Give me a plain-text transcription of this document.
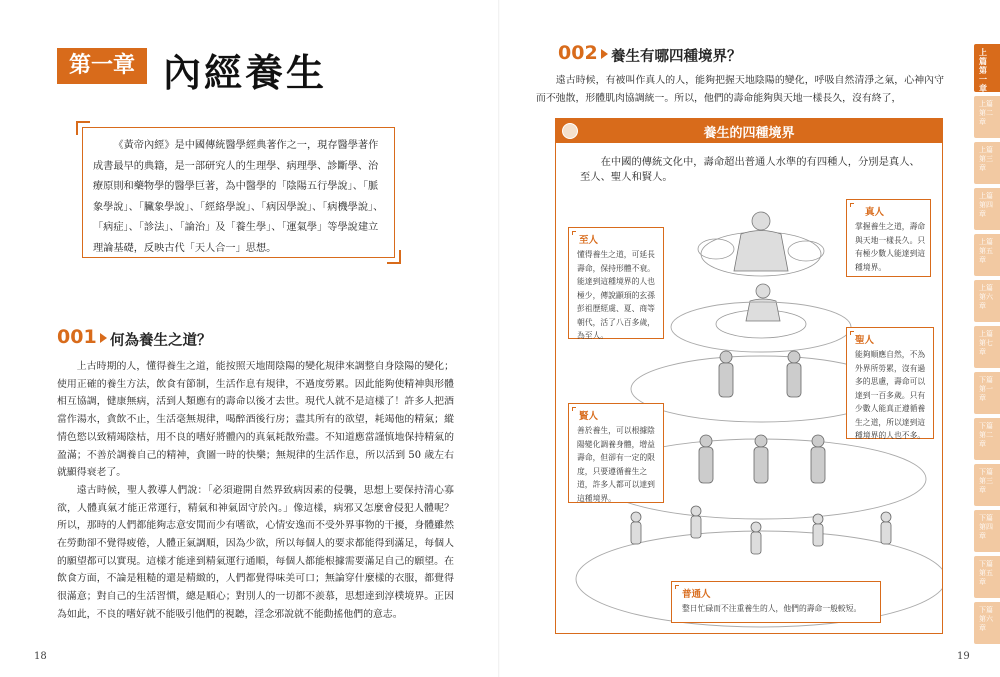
第一章 內經養生

《黃帝內經》是中國傳統醫學經典著作之一，現存醫學著作成書最早的典籍，是一部研究人的生理學、病理學、診斷學、治療原則和藥物學的醫學巨著，為中醫學的「陰陽五行學說」、「脈象學說」、「臟象學說」、「經絡學說」、「病因學說」、「病機學說」、「病症」、「診法」、「論治」及「養生學」、「運氣學」等學說建立理論基礎，反映古代「天人合一」思想。

001 何為養生之道？

上古時期的人，懂得養生之道，能按照天地間陰陽的變化規律來調整自身陰陽的變化；使用正確的養生方法，飲食有節制，生活作息有規律，不過度勞累。因此能夠使精神與形體相互協調，健康無病，活到人類應有的壽命以後才去世。現代人就不是這樣了！許多人把酒當作湯水，貪飲不止，生活毫無規律，喝醉酒後行房；盡其所有的欲望，耗竭他的精氣；縱情色慾以致精竭陰枯，用不良的嗜好將體內的真氣耗散殆盡。不知道應當謹慎地保持精氣的盈滿；不善於調養自己的精神，貪圖一時的快樂；無規律的生活作息，所以活到 50 歲左右就顯得衰老了。

遠古時候，聖人教導人們說：「必須避開自然界致病因素的侵襲，思想上要保持清心寡欲，人體真氣才能正常運行，精氣和神氣固守於內。」像這樣，病邪又怎麼會侵犯人體呢？所以，那時的人們都能夠志意安閒而少有嗜欲，心情安逸而不受外界事物的干擾，身體雖然在勞動卻不覺得疲倦，人體正氣調順，因為少欲，所以每個人的要求都能得到滿足，每個人的願望都可以實現。這樣才能達到精氣運行通順，每個人都能根據需要滿足自己的願望。在飲食方面，不論是粗糙的還是精緻的，人們都覺得味美可口；無論穿什麼樣的衣服，都覺得很滿意；對自己的生活習慣，總是順心；對別人的一切都不羨慕，思想達到淳樸境界。正因為如此，不良的嗜好就不能吸引他們的視聽，淫念邪說就不能動搖他們的意志。

18
002 養生有哪四種境界？

遠古時候，有被叫作真人的人，能夠把握天地陰陽的變化，呼吸自然清淨之氣，心神內守而不弛散，形體肌肉協調統一。所以，他們的壽命能夠與天地一樣長久，沒有終了，

養生的四種境界
在中國的傳統文化中，壽命超出普通人水準的有四種人，分別是真人、至人、聖人和賢人。
真人
掌握養生之道，壽命與天地一樣長久。只有極少數人能達到這種境界。
至人
懂得養生之道，可延長壽命，保持形體不衰。能達到這種境界的人也極少，傳說顓頊的玄孫彭祖歷經虞、夏、商等朝代，活了八百多歲，為至人。	聖人
能夠順應自然，不為外界所勞累，沒有過多的思慮，壽命可以達到一百多歲。只有少數人能真正遵循養生之道，所以達到這種境界的人也不多。
賢人
善於養生，可以根據陰陽變化調養身體，增益壽命，但卻有一定的限度，只要遵循養生之道，許多人都可以達到這種境界。
普通人
整日忙碌而不注重養生的人，他們的壽命一般較短。
上篇 第一章
上篇 第二章
上篇 第三章
上篇 第四章
上篇 第五章
上篇 第六章
上篇 第七章
下篇 第一章
下篇 第二章
下篇 第三章
下篇 第四章
下篇 第五章
下篇 第六章
19
